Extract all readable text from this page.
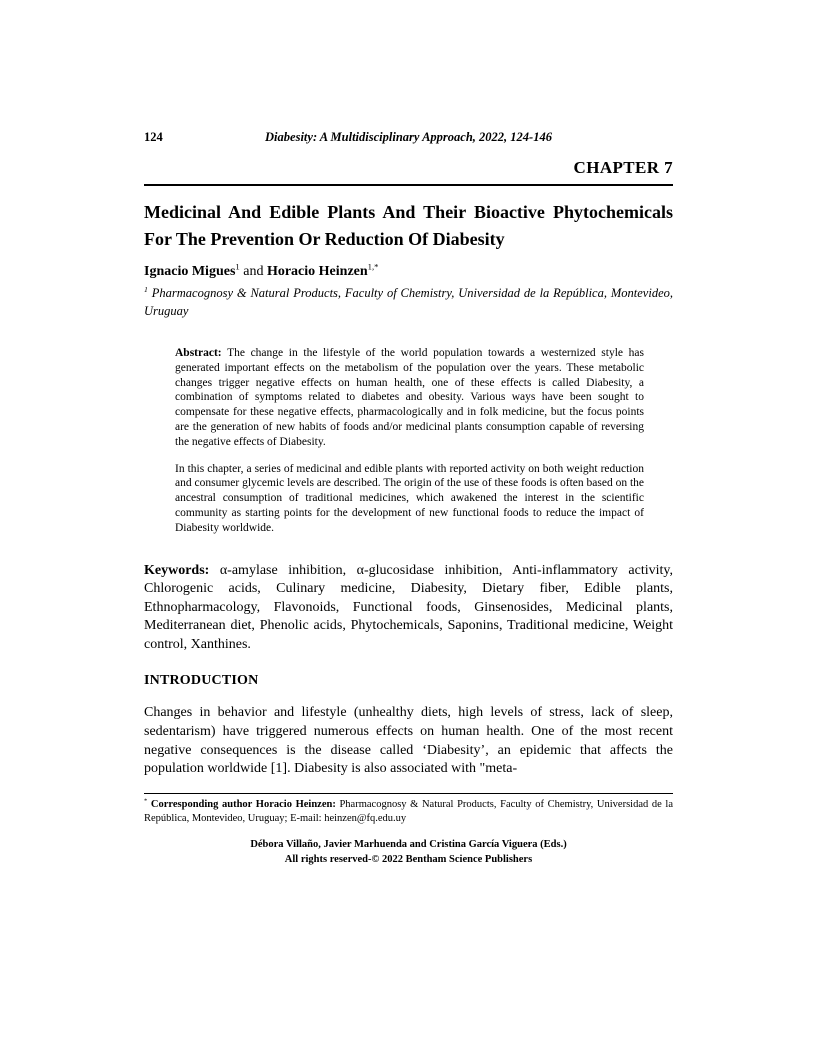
124	Diabesity: A Multidisciplinary Approach, 2022, 124-146
CHAPTER 7
Medicinal And Edible Plants And Their Bioactive Phytochemicals For The Prevention Or Reduction Of Diabesity
Ignacio Migues$^1$ and Horacio Heinzen$^{1,*}$
$^1$ Pharmacognosy & Natural Products, Faculty of Chemistry, Universidad de la República, Montevideo, Uruguay

Abstract: The change in the lifestyle of the world population towards a westernized style has generated important effects on the metabolism of the population over the years. These metabolic changes trigger negative effects on human health, one of these effects is called Diabesity, a combination of symptoms related to diabetes and obesity. Various ways have been sought to compensate for these negative effects, pharmacologically and in folk medicine, but the focus points are the generation of new habits of foods and/or medicinal plants consumption capable of reversing the negative effects of Diabesity.

In this chapter, a series of medicinal and edible plants with reported activity on both weight reduction and consumer glycemic levels are described. The origin of the use of these foods is often based on the ancestral consumption of traditional medicines, which awakened the interest in the scientific community as starting points for the development of new functional foods to reduce the impact of Diabesity worldwide.

Keywords: α-amylase inhibition, α-glucosidase inhibition, Anti-inflammatory activity, Chlorogenic acids, Culinary medicine, Diabesity, Dietary fiber, Edible plants, Ethnopharmacology, Flavonoids, Functional foods, Ginsenosides, Medicinal plants, Mediterranean diet, Phenolic acids, Phytochemicals, Saponins, Traditional medicine, Weight control, Xanthines.
INTRODUCTION

Changes in behavior and lifestyle (unhealthy diets, high levels of stress, lack of sleep, sedentarism) have triggered numerous effects on human health. One of the most recent negative consequences is the disease called ‘Diabesity’, an epidemic that affects the population worldwide [1]. Diabesity is also associated with "meta-

* Corresponding author Horacio Heinzen: Pharmacognosy & Natural Products, Faculty of Chemistry, Universidad de la República, Montevideo, Uruguay; E-mail: heinzen@fq.edu.uy
Débora Villaño, Javier Marhuenda and Cristina García Viguera (Eds.)
All rights reserved-© 2022 Bentham Science Publishers
